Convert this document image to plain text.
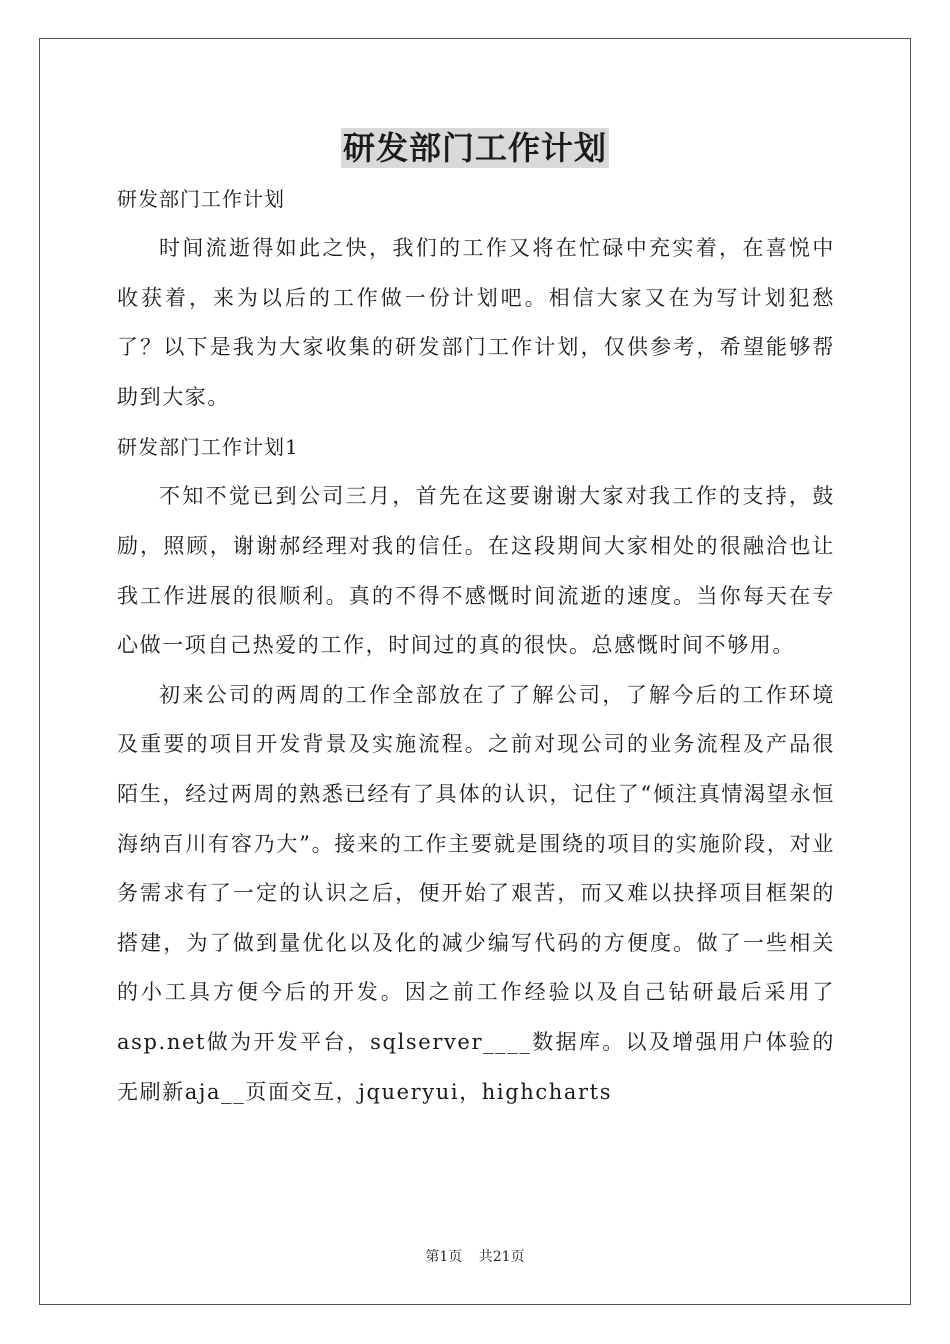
研发部门工作计划

研发部门工作计划

时间流逝得如此之快，我们的工作又将在忙碌中充实着，在喜悦中收获着，来为以后的工作做一份计划吧。相信大家又在为写计划犯愁了？以下是我为大家收集的研发部门工作计划，仅供参考，希望能够帮助到大家。

研发部门工作计划1

不知不觉已到公司三月，首先在这要谢谢大家对我工作的支持，鼓励，照顾，谢谢郝经理对我的信任。在这段期间大家相处的很融洽也让我工作进展的很顺利。真的不得不感慨时间流逝的速度。当你每天在专心做一项自己热爱的工作，时间过的真的很快。总感慨时间不够用。

初来公司的两周的工作全部放在了了解公司，了解今后的工作环境及重要的项目开发背景及实施流程。之前对现公司的业务流程及产品很陌生，经过两周的熟悉已经有了具体的认识，记住了“倾注真情渴望永恒海纳百川有容乃大”。接来的工作主要就是围绕的项目的实施阶段，对业务需求有了一定的认识之后，便开始了艰苦，而又难以抉择项目框架的搭建，为了做到量优化以及化的减少编写代码的方便度。做了一些相关的小工具方便今后的开发。因之前工作经验以及自己钻研最后采用了asp.net做为开发平台，sqlserver____数据库。以及增强用户体验的无刷新aja__页面交互，jqueryui，highcharts

第1页 共21页
